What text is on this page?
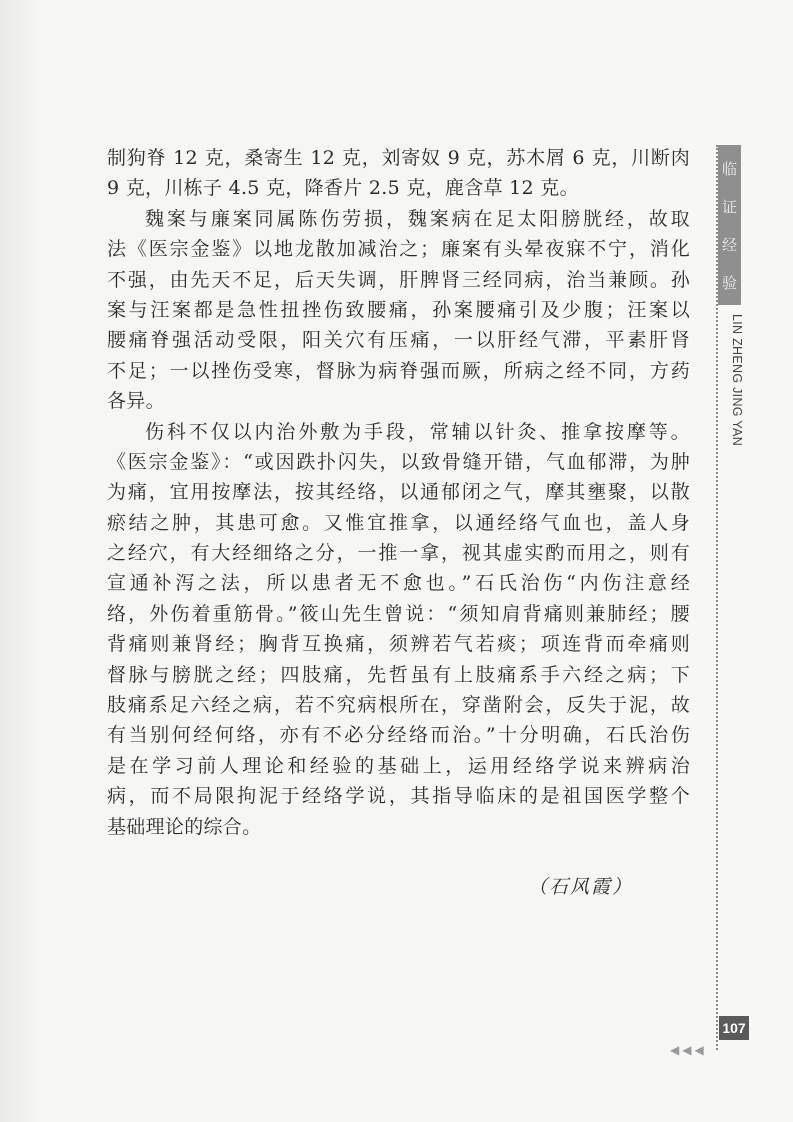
制狗脊 12 克，桑寄生 12 克，刘寄奴 9 克，苏木屑 6 克，川断肉
9 克，川栋子 4.5 克，降香片 2.5 克，鹿含草 12 克。
魏案与廉案同属陈伤劳损，魏案病在足太阳膀胱经，故取
法《医宗金鉴》以地龙散加减治之；廉案有头晕夜寐不宁，消化
不强，由先天不足，后天失调，肝脾肾三经同病，治当兼顾。孙
案与汪案都是急性扭挫伤致腰痛，孙案腰痛引及少腹；汪案以
腰痛脊强活动受限，阳关穴有压痛，一以肝经气滞，平素肝肾
不足；一以挫伤受寒，督脉为病脊强而厥，所病之经不同，方药
各异。
伤科不仅以内治外敷为手段，常辅以针灸、推拿按摩等。
《医宗金鉴》：“或因跌扑闪失，以致骨缝开错，气血郁滞，为肿
为痛，宜用按摩法，按其经络，以通郁闭之气，摩其壅聚，以散
瘀结之肿，其患可愈。又惟宜推拿，以通经络气血也，盖人身
之经穴，有大经细络之分，一推一拿，视其虚实酌而用之，则有
宣通补泻之法，所以患者无不愈也。”石氏治伤“内伤注意经
络，外伤着重筋骨。”筱山先生曾说：“须知肩背痛则兼肺经；腰
背痛则兼肾经；胸背互换痛，须辨若气若痰；项连背而牵痛则
督脉与膀胱之经；四肢痛，先哲虽有上肢痛系手六经之病；下
肢痛系足六经之病，若不究病根所在，穿凿附会，反失于泥，故
有当别何经何络，亦有不必分经络而治。”十分明确，石氏治伤
是在学习前人理论和经验的基础上，运用经络学说来辨病治
病，而不局限拘泥于经络学说，其指导临床的是祖国医学整个
基础理论的综合。
（石风霞）
临
证
经
验
LIN ZHENG JING YAN
107
◀◀◀
